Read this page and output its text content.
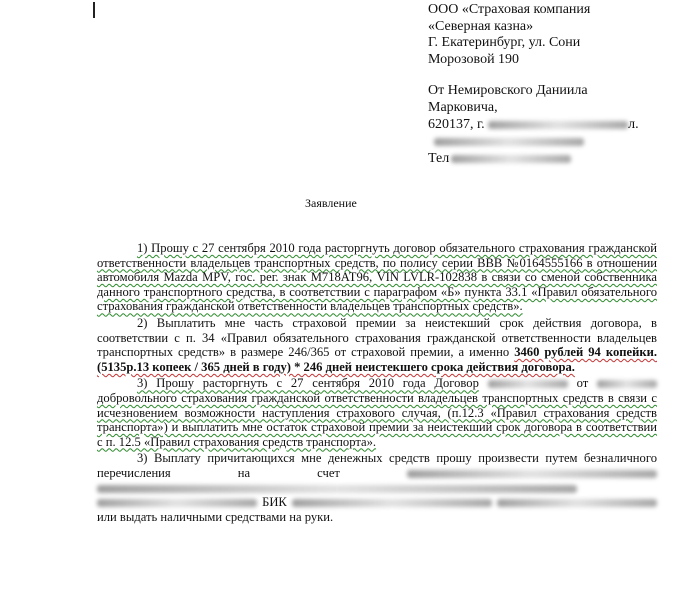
ООО «Страховая компания
«Северная казна»
Г. Екатеринбург, ул. Сони
Морозовой 190
От Немировского Даниила
Марковича,
620137, г.	л.
Тел
Заявление

1) Прошу с 27 сентября 2010 года расторгнуть договор обязательного страхования гражданской ответственности владельцев транспортных средств, по полису серии ВВВ №0164555166 в отношении автомобиля Mazda MPV, гос. рег. знак М718АТ96, VIN LVLR-102838 в связи со сменой собственника данного транспортного средства, в соответствии с параграфом «Б» пункта 33.1 «Правил обязательного страхования гражданской ответственности владельцев транспортных средств».

2) Выплатить мне часть страховой премии за неистекший срок действия договора, в соответствии с п. 34 «Правил обязательного страхования гражданской ответственности владельцев транспортных средств» в размере 246/365 от страховой премии, а именно 3460 рублей 94 копейки. (5135р.13 копеек / 365 дней в году) * 246 дней неистекшего срока действия договора.

3) Прошу расторгнуть с 27 сентября 2010 года Договор	от  добровольного страхования гражданской ответственности владельцев транспортных средств в связи с исчезновением возможности наступления страхового случая, (п.12.3 «Правил страхования средств транспорта») и выплатить мне остаток страховой премии за неистекший срок договора в соответствии с п. 12.5 «Правил страхования средств транспорта».

3) Выплату причитающихся мне денежных средств прошу произвести путем безналичного перечисления на счет    БИК   или выдать наличными средствами на руки.
